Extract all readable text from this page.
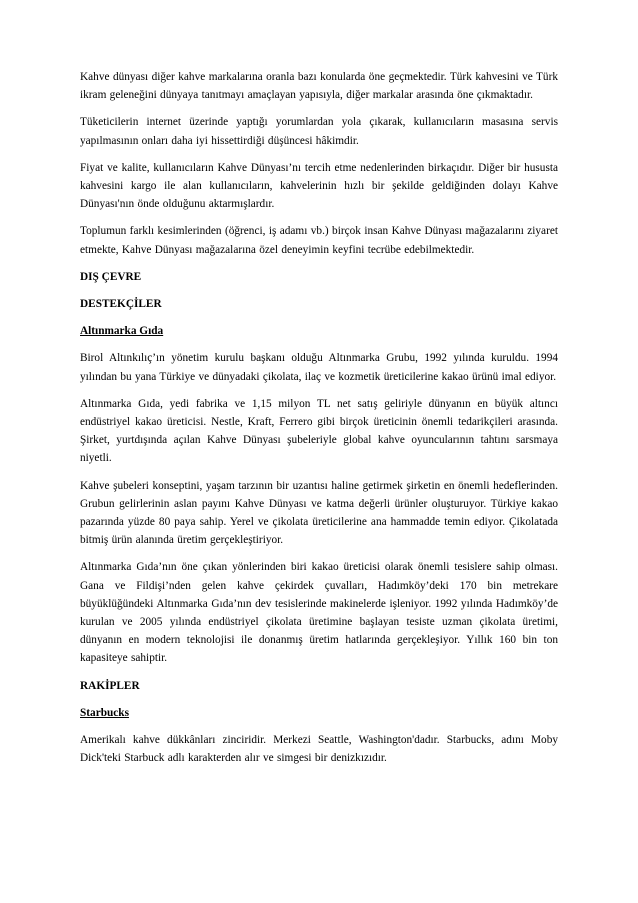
Kahve dünyası diğer kahve markalarına oranla bazı konularda öne geçmektedir. Türk kahvesini ve Türk ikram geleneğini dünyaya tanıtmayı amaçlayan yapısıyla, diğer markalar arasında öne çıkmaktadır.

Tüketicilerin internet üzerinde yaptığı yorumlardan yola çıkarak, kullanıcıların masasına servis yapılmasının onları daha iyi hissettirdiği düşüncesi hâkimdir.

Fiyat ve kalite, kullanıcıların Kahve Dünyası’nı tercih etme nedenlerinden birkaçıdır. Diğer bir hususta kahvesini kargo ile alan kullanıcıların, kahvelerinin hızlı bir şekilde geldiğinden dolayı Kahve Dünyası'nın önde olduğunu aktarmışlardır.

Toplumun farklı kesimlerinden (öğrenci, iş adamı vb.) birçok insan Kahve Dünyası mağazalarını ziyaret etmekte, Kahve Dünyası mağazalarına özel deneyimin keyfini tecrübe edebilmektedir.

DIŞ ÇEVRE

DESTEKÇİLER

Altınmarka Gıda

Birol Altınkılıç’ın yönetim kurulu başkanı olduğu Altınmarka Grubu, 1992 yılında kuruldu. 1994 yılından bu yana Türkiye ve dünyadaki çikolata, ilaç ve kozmetik üreticilerine kakao ürünü imal ediyor.

Altınmarka Gıda, yedi fabrika ve 1,15 milyon TL net satış geliriyle dünyanın en büyük altıncı endüstriyel kakao üreticisi. Nestle, Kraft, Ferrero gibi birçok üreticinin önemli tedarikçileri arasında. Şirket, yurtdışında açılan Kahve Dünyası şubeleriyle global kahve oyuncularının tahtını sarsmaya niyetli.

Kahve şubeleri konseptini, yaşam tarzının bir uzantısı haline getirmek şirketin en önemli hedeflerinden. Grubun gelirlerinin aslan payını Kahve Dünyası ve katma değerli ürünler oluşturuyor. Türkiye kakao pazarında yüzde 80 paya sahip. Yerel ve çikolata üreticilerine ana hammadde temin ediyor. Çikolatada bitmiş ürün alanında üretim gerçekleştiriyor.

Altınmarka Gıda’nın öne çıkan yönlerinden biri kakao üreticisi olarak önemli tesislere sahip olması. Gana ve Fildişi’nden gelen kahve çekirdek çuvalları, Hadımköy’deki 170 bin metrekare büyüklüğündeki Altınmarka Gıda’nın dev tesislerinde makinelerde işleniyor. 1992 yılında Hadımköy’de kurulan ve 2005 yılında endüstriyel çikolata üretimine başlayan tesiste uzman çikolata üretimi, dünyanın en modern teknolojisi ile donanmış üretim hatlarında gerçekleşiyor. Yıllık 160 bin ton kapasiteye sahiptir.

RAKİPLER

Starbucks

Amerikalı kahve dükkânları zinciridir. Merkezi Seattle, Washington'dadır. Starbucks, adını Moby Dick'teki Starbuck adlı karakterden alır ve simgesi bir denizkızıdır.
